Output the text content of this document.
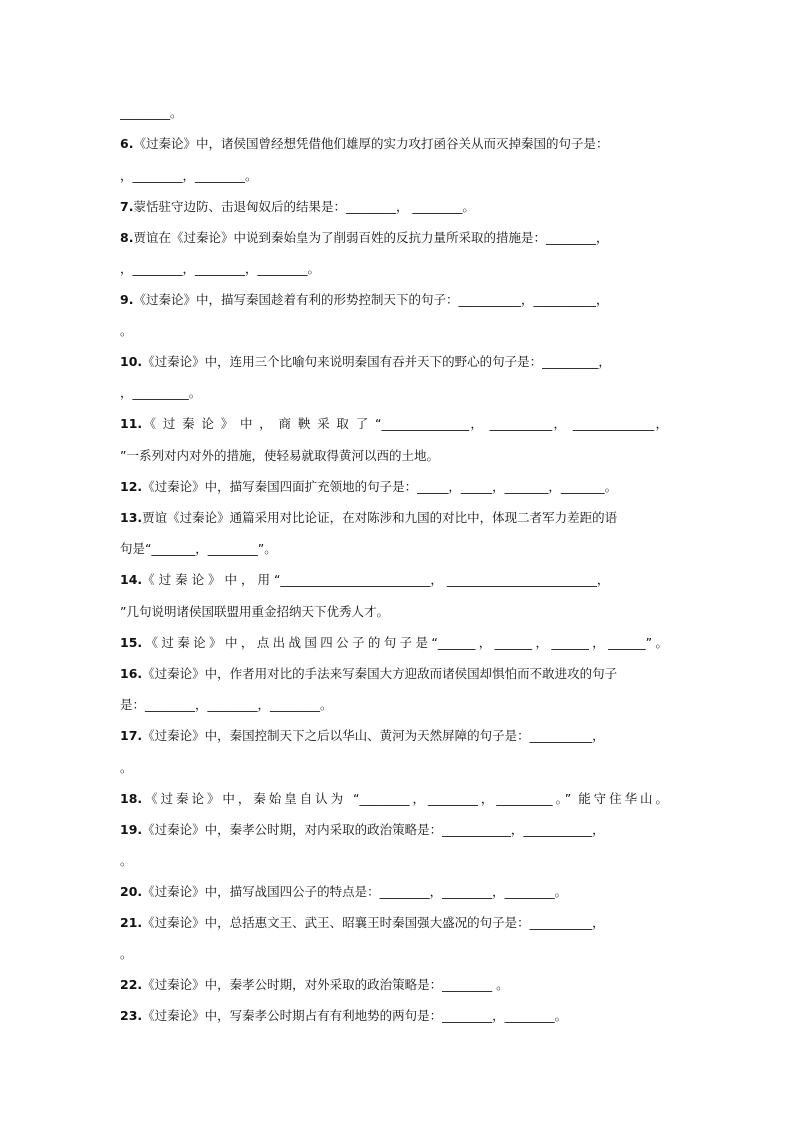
________。
6.《过秦论》中，诸侯国曾经想凭借他们雄厚的实力攻打函谷关从而灭掉秦国的句子是：
，________，________。
7.蒙恬驻守边防、击退匈奴后的结果是：________， ________。
8.贾谊在《过秦论》中说到秦始皇为了削弱百姓的反抗力量所采取的措施是：________，
，________，________，________。
9.《过秦论》中，描写秦国趁着有利的形势控制天下的句子：__________，__________，
。
10.《过秦论》中，连用三个比喻句来说明秦国有吞并天下的野心的句子是：_________，
，_________。
11.《 过 秦 论 》 中 ， 商 鞅 采 取 了 “______________， __________， _____________，
”一系列对内对外的措施，使轻易就取得黄河以西的土地。
12.《过秦论》中，描写秦国四面扩充领地的句子是：_____，_____，_______，_______。
13.贾谊《过秦论》通篇采用对比论证，在对陈涉和九国的对比中，体现二者军力差距的语
句是“_______，________”。
14.《 过 秦 论 》 中 ， 用 “________________________， ________________________，
”几句说明诸侯国联盟用重金招纳天下优秀人才。
15.《过秦论》中，点出战国四公子的句子是“______，______，______，______”。
16.《过秦论》中，作者用对比的手法来写秦国大方迎敌而诸侯国却惧怕而不敢进攻的句子
是：________，________，________。
17.《过秦论》中，秦国控制天下之后以华山、黄河为天然屏障的句子是：__________，
。
18.《过秦论》中，秦始皇自认为 “________，________，_________。” 能守住华山。
19.《过秦论》中，秦孝公时期，对内采取的政治策略是：___________，___________，
。
20.《过秦论》中，描写战国四公子的特点是：________，________，________。
21.《过秦论》中，总括惠文王、武王、昭襄王时秦国强大盛况的句子是：__________，
。
22.《过秦论》中，秦孝公时期，对外采取的政治策略是：________ 。
23.《过秦论》中，写秦孝公时期占有有利地势的两句是：________，________。
